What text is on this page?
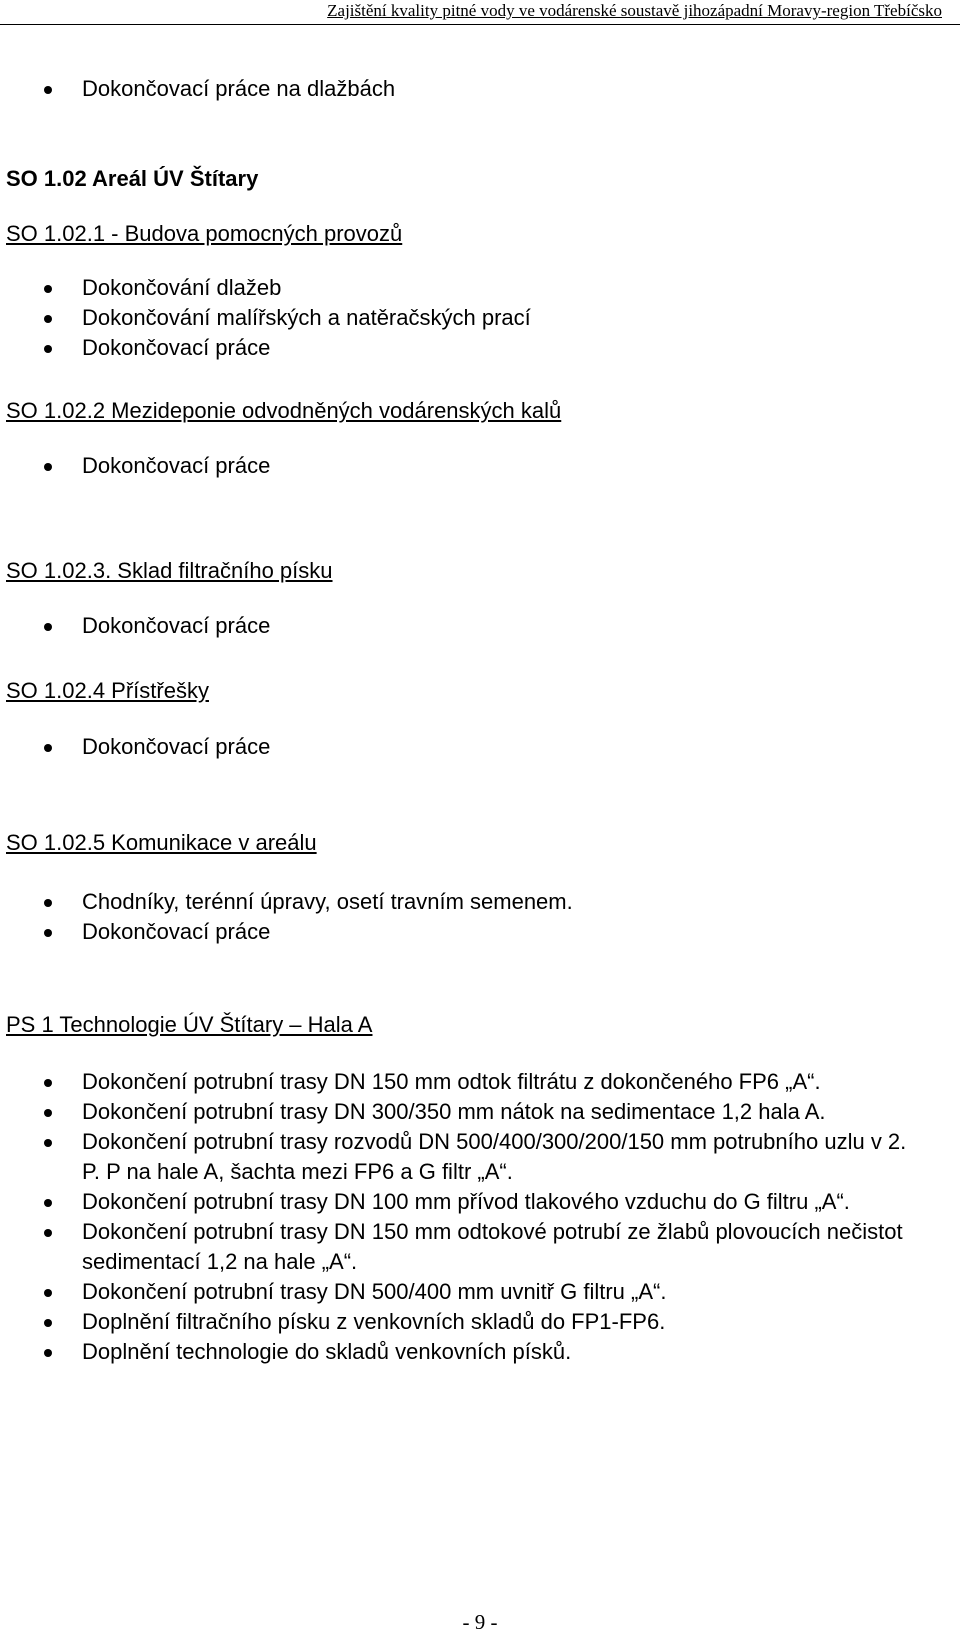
Zajištění kvality pitné vody ve vodárenské soustavě jihozápadní Moravy-region Třebíčsko
Dokončovací práce na dlažbách
SO 1.02 Areál ÚV Štítary
SO 1.02.1 - Budova pomocných provozů
Dokončování dlažeb
Dokončování malířských a natěračských prací
Dokončovací práce
SO 1.02.2 Mezideponie odvodněných vodárenských kalů
Dokončovací práce
SO 1.02.3. Sklad filtračního písku
Dokončovací práce
SO 1.02.4 Přístřešky
Dokončovací práce
SO 1.02.5 Komunikace v areálu
Chodníky, terénní úpravy, osetí travním semenem.
Dokončovací práce
PS 1 Technologie ÚV Štítary – Hala A
Dokončení potrubní trasy DN 150 mm odtok filtrátu z dokončeného FP6 „A“.
Dokončení potrubní trasy DN 300/350 mm nátok na sedimentace 1,2 hala A.
Dokončení potrubní trasy rozvodů DN 500/400/300/200/150 mm potrubního uzlu v 2. P. P na hale A, šachta mezi FP6 a G filtr „A“.
Dokončení potrubní trasy DN 100 mm přívod tlakového vzduchu do G filtru „A“.
Dokončení potrubní trasy DN 150 mm odtokové potrubí ze žlabů plovoucích nečistot sedimentací 1,2 na hale „A“.
Dokončení potrubní trasy DN 500/400 mm uvnitř G filtru „A“.
Doplnění filtračního písku z venkovních skladů do FP1-FP6.
Doplnění technologie do skladů venkovních písků.
- 9 -
